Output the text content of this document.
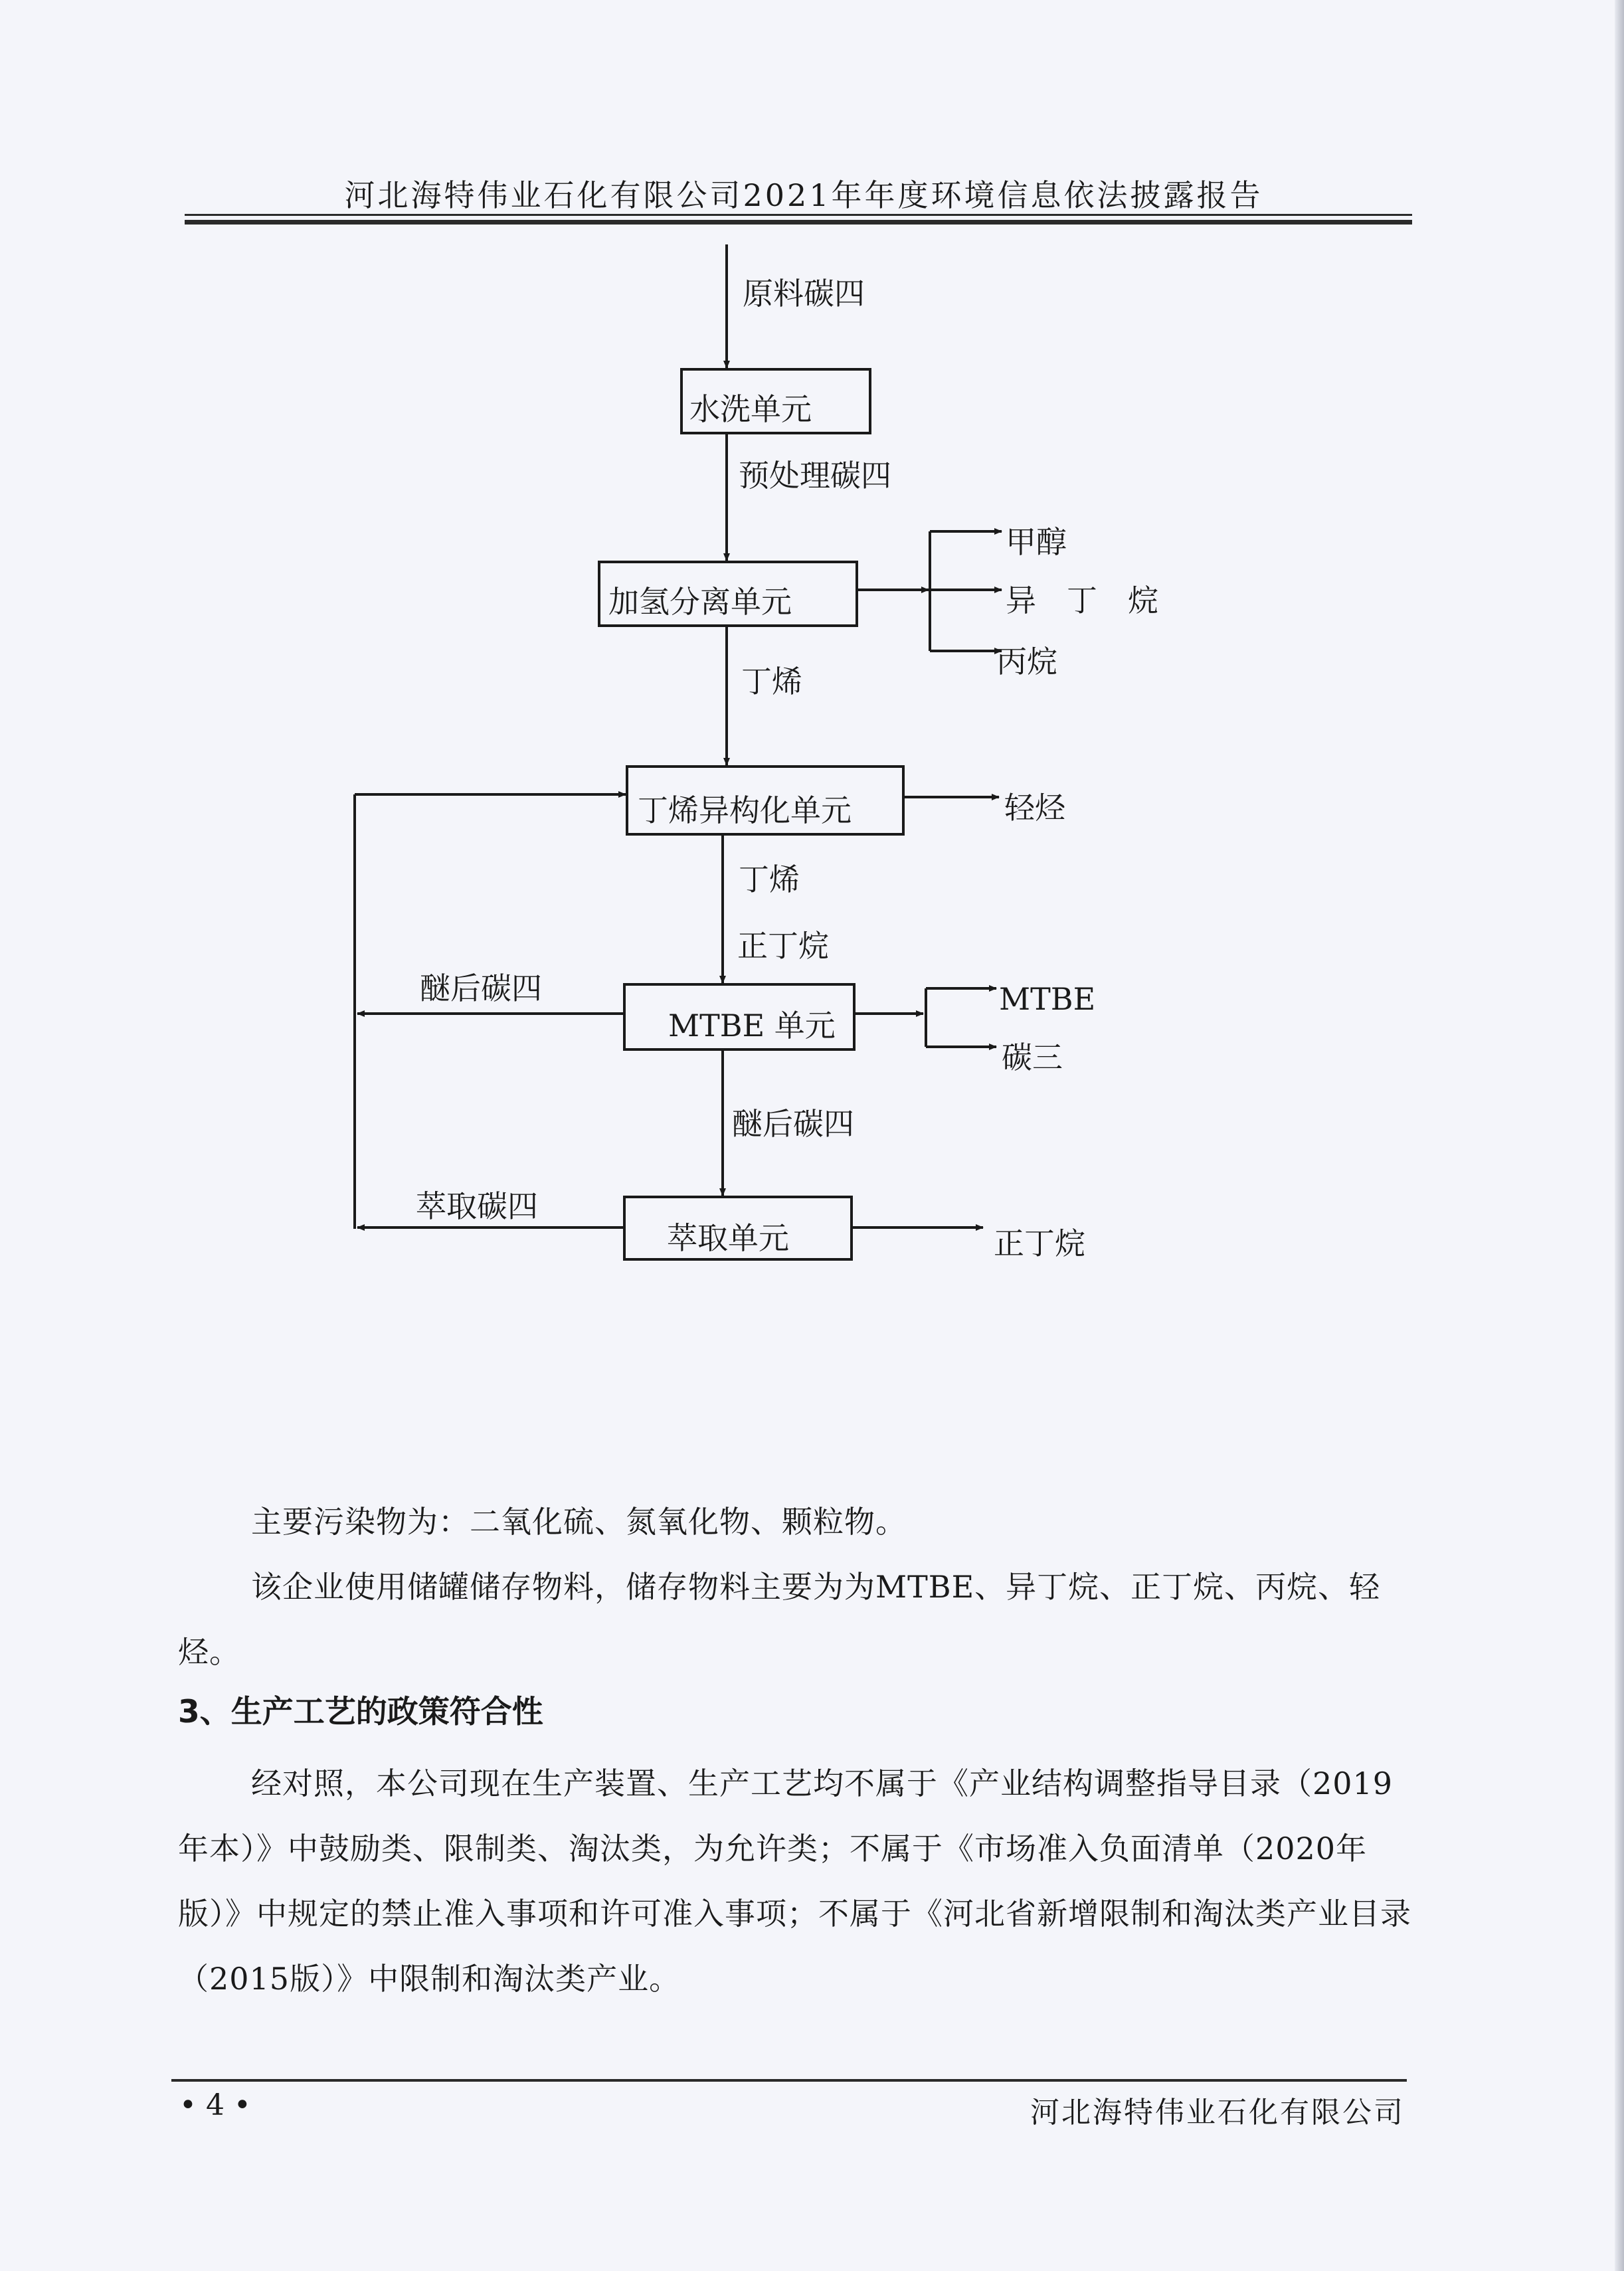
河北海特伟业石化有限公司2021年年度环境信息依法披露报告
水洗单元
加氢分离单元
丁烯异构化单元
MTBE 单元
萃取单元
原料碳四
预处理碳四
甲醇
异　丁　烷
丙烷
丁烯
轻烃
丁烯
正丁烷
醚后碳四	MTBE
碳三
醚后碳四
萃取碳四
正丁烷
主要污染物为：二氧化硫、氮氧化物、颗粒物。
该企业使用储罐储存物料，储存物料主要为为MTBE、异丁烷、正丁烷、丙烷、轻烃。
3、生产工艺的政策符合性
经对照，本公司现在生产装置、生产工艺均不属于《产业结构调整指导目录（2019年本）》中鼓励类、限制类、淘汰类，为允许类；不属于《市场准入负面清单（2020年版）》中规定的禁止准入事项和许可准入事项；不属于《河北省新增限制和淘汰类产业目录（2015版）》中限制和淘汰类产业。
• 4 •	河北海特伟业石化有限公司
